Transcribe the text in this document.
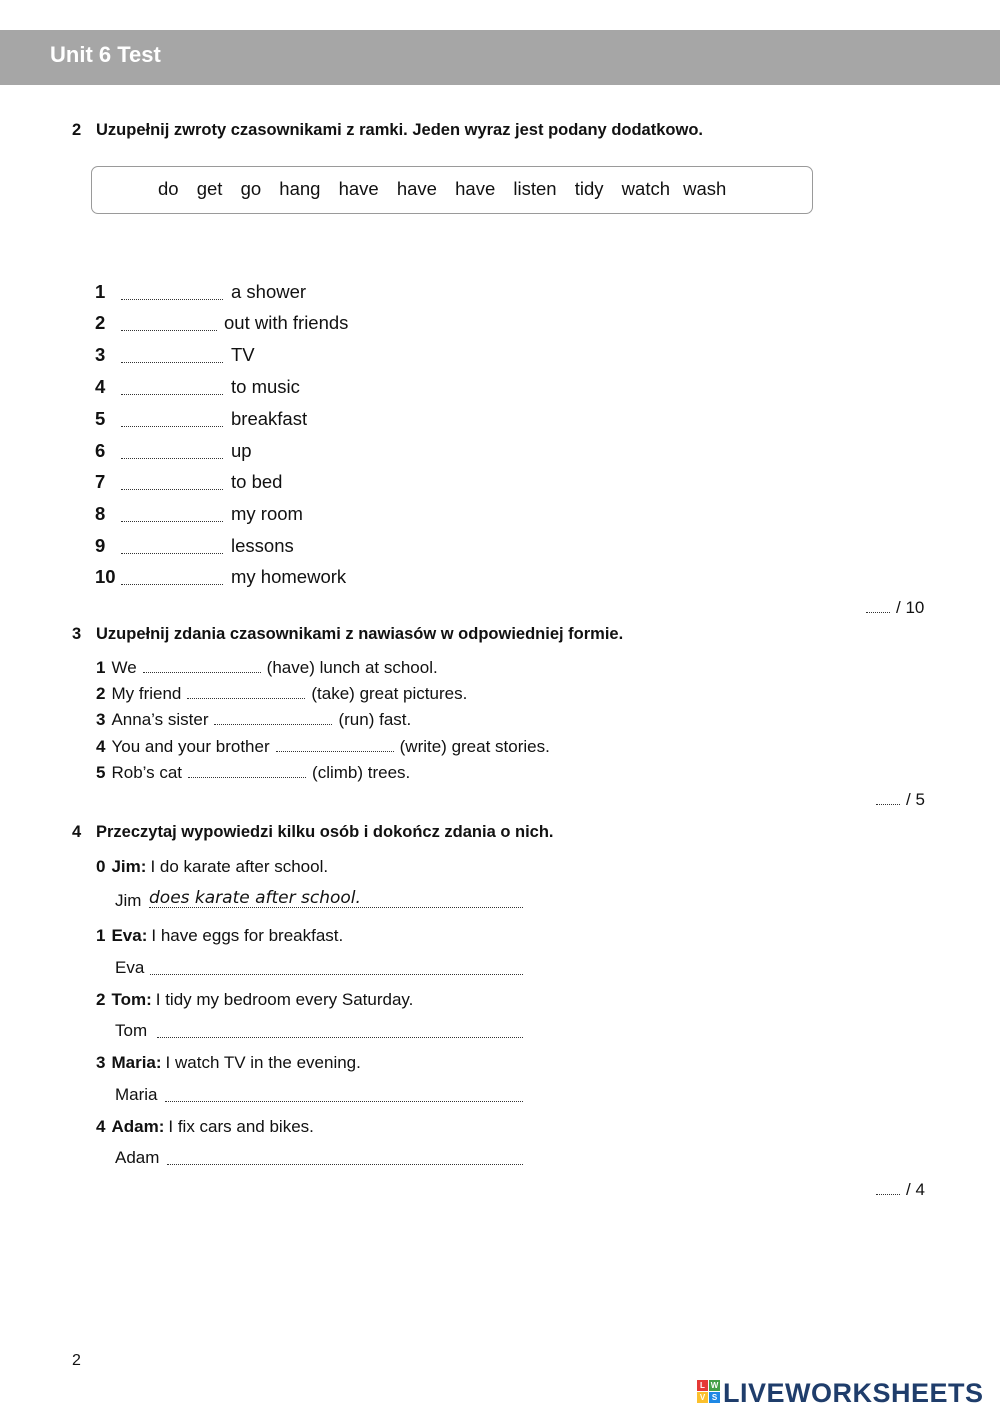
Unit 6 Test
2 Uzupełnij zwroty czasownikami z ramki. Jeden wyraz jest podany dodatkowo.
do get go hang have have have listen tidy watch wash
1	a shower
2	out with friends
3	TV
4	to music
5	breakfast
6	up
7	to bed
8	my room
9	lessons
10	my homework
/ 10
3 Uzupełnij zdania czasownikami z nawiasów w odpowiedniej formie.
1 We	(have) lunch at school.
2 My friend	(take) great pictures.
3 Anna’s sister	(run) fast.
4 You and your brother	(write) great stories.
5 Rob’s cat	(climb) trees.
/ 5
4 Przeczytaj wypowiedzi kilku osób i dokończ zdania o nich.
0 Jim: I do karate after school.
Jim does karate after school.
1 Eva: I have eggs for breakfast.
Eva
2 Tom: I tidy my bedroom every Saturday.
Tom
3 Maria: I watch TV in the evening.
Maria
4 Adam: I fix cars and bikes.
Adam
/ 4
2
L W
V S LIVEWORKSHEETS
